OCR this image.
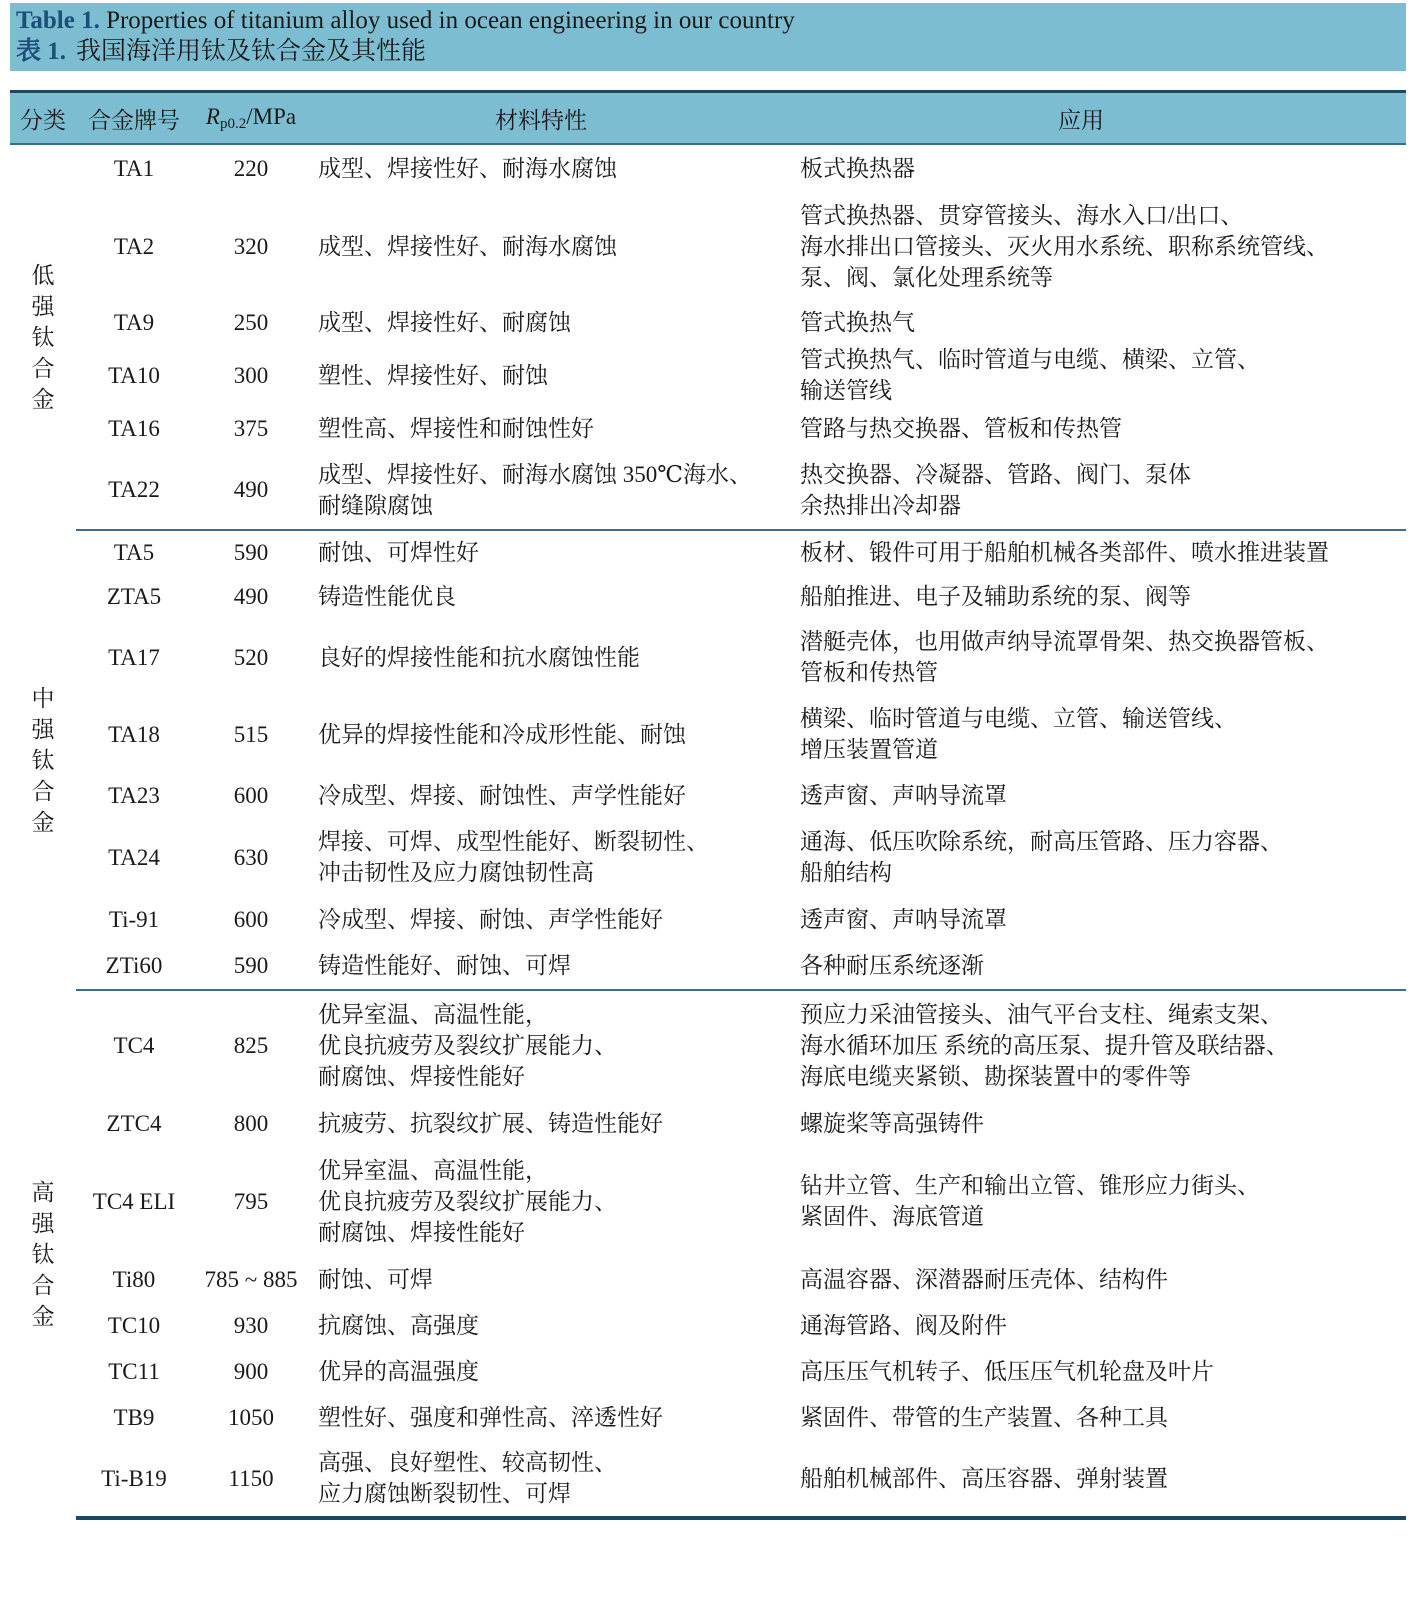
Table 1. Properties of titanium alloy used in ocean engineering in our country
表 1. 我国海洋用钛及钛合金及其性能
分类	合金牌号	$R_{p0.2}$/MPa	材料特性	应用
低强钛合金	TA1	220	成型、焊接性好、耐海水腐蚀	板式换热器

	TA2	320	成型、焊接性好、耐海水腐蚀	管式换热器、贯穿管接头、海水入口/出口、
海水排出口管接头、灭火用水系统、职称系统管线、
泵、阀、氯化处理系统等

	TA9	250	成型、焊接性好、耐腐蚀	管式换热气

	TA10	300	塑性、焊接性好、耐蚀	管式换热气、临时管道与电缆、横梁、立管、
输送管线

	TA16	375	塑性高、焊接性和耐蚀性好	管路与热交换器、管板和传热管

	TA22	490	成型、焊接性好、耐海水腐蚀 350℃海水、
耐缝隙腐蚀	热交换器、冷凝器、管路、阀门、泵体
余热排出冷却器

中强钛合金	TA5	590	耐蚀、可焊性好	板材、锻件可用于船舶机械各类部件、喷水推进装置

	ZTA5	490	铸造性能优良	船舶推进、电子及辅助系统的泵、阀等

	TA17	520	良好的焊接性能和抗水腐蚀性能	潜艇壳体，也用做声纳导流罩骨架、热交换器管板、
管板和传热管

	TA18	515	优异的焊接性能和冷成形性能、耐蚀	横梁、临时管道与电缆、立管、输送管线、
增压装置管道

	TA23	600	冷成型、焊接、耐蚀性、声学性能好	透声窗、声呐导流罩

	TA24	630	焊接、可焊、成型性能好、断裂韧性、
冲击韧性及应力腐蚀韧性高	通海、低压吹除系统，耐高压管路、压力容器、
船舶结构

	Ti-91	600	冷成型、焊接、耐蚀、声学性能好	透声窗、声呐导流罩

	ZTi60	590	铸造性能好、耐蚀、可焊	各种耐压系统逐渐

高强钛合金	TC4	825	优异室温、高温性能，
优良抗疲劳及裂纹扩展能力、
耐腐蚀、焊接性能好	预应力采油管接头、油气平台支柱、绳索支架、
海水循环加压 系统的高压泵、提升管及联结器、
海底电缆夹紧锁、勘探装置中的零件等

	ZTC4	800	抗疲劳、抗裂纹扩展、铸造性能好	螺旋桨等高强铸件

	TC4 ELI	795	优异室温、高温性能，
优良抗疲劳及裂纹扩展能力、
耐腐蚀、焊接性能好	钻井立管、生产和输出立管、锥形应力街头、
紧固件、海底管道

	Ti80	785 ~ 885	耐蚀、可焊	高温容器、深潜器耐压壳体、结构件

	TC10	930	抗腐蚀、高强度	通海管路、阀及附件

	TC11	900	优异的高温强度	高压压气机转子、低压压气机轮盘及叶片

	TB9	1050	塑性好、强度和弹性高、淬透性好	紧固件、带管的生产装置、各种工具

	Ti-B19	1150	高强、良好塑性、较高韧性、
应力腐蚀断裂韧性、可焊	船舶机械部件、高压容器、弹射装置
